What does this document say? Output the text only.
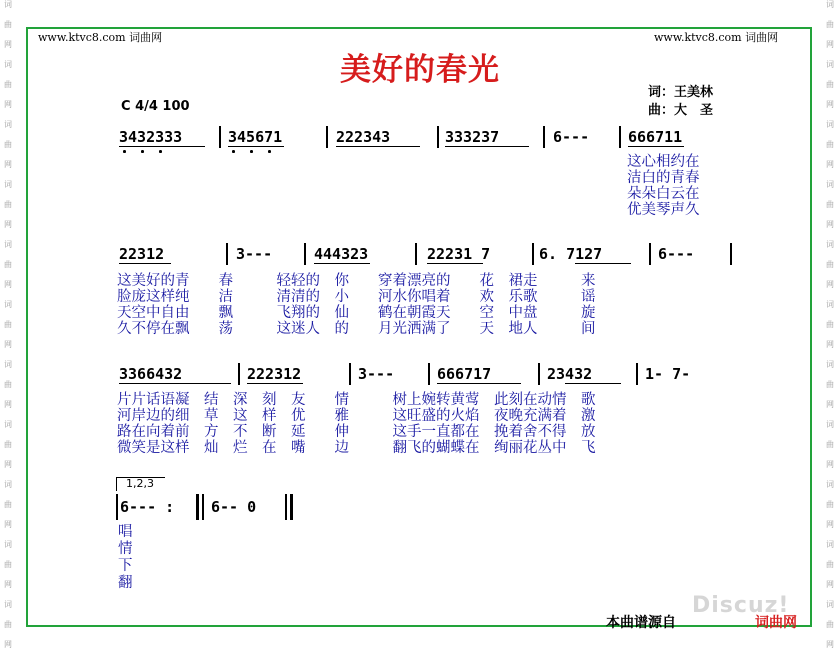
词
曲
网
词
曲
网
词
曲
网
词
曲
网
词
曲
网
词
曲
网
词
曲
网
词
曲
网
词
曲
网
词
曲
网
词
曲
网
词
曲
网
词
曲
网
词
曲
网
词
曲
网
词
曲
网
词
曲
网
词
曲
网
词
曲
网
词
曲
网
词
曲
网
词
曲
网
www.ktvc8.com 词曲网	www.ktvc8.com 词曲网
美好的春光
词：王美林
曲：大　圣
C 4/4 100
3432333	345671	222343	333237	6---	666711
这心相约在
洁白的青春
朵朵白云在
优美琴声久
22312	3---	444323	22231 7	6. 7127	6---
这美好的青　　春　　　轻轻的　你　　穿着漂亮的　　花　裙走　　　来
脸庞这样纯　　洁　　　清清的　小　　河水你唱着　　欢　乐歌　　　谣
天空中自由　　飘　　　飞翔的　仙　　鹤在朝霞天　　空　中盘　　　旋
久不停在飘　　荡　　　这迷人　的　　月光洒满了　　天　地人　　　间
3366432	222312	3---	666717	23432	1- 7-
片片话语凝　结　深　刻　友　　情　　　树上婉转黄莺　此刻在动情　歌
河岸边的细　草　这　样　优　　雅　　　这旺盛的火焰　夜晚充满着　激
路在向着前　方　不　断　延　　伸　　　这手一直都在　挽着舍不得　放
微笑是这样　灿　烂　在　嘴　　边　　　翻飞的蝴蝶在　绚丽花丛中　飞
1,2,3
6--- : 6-- 0
唱
情
下
翻
Discuz!
本曲谱源自	词曲网
